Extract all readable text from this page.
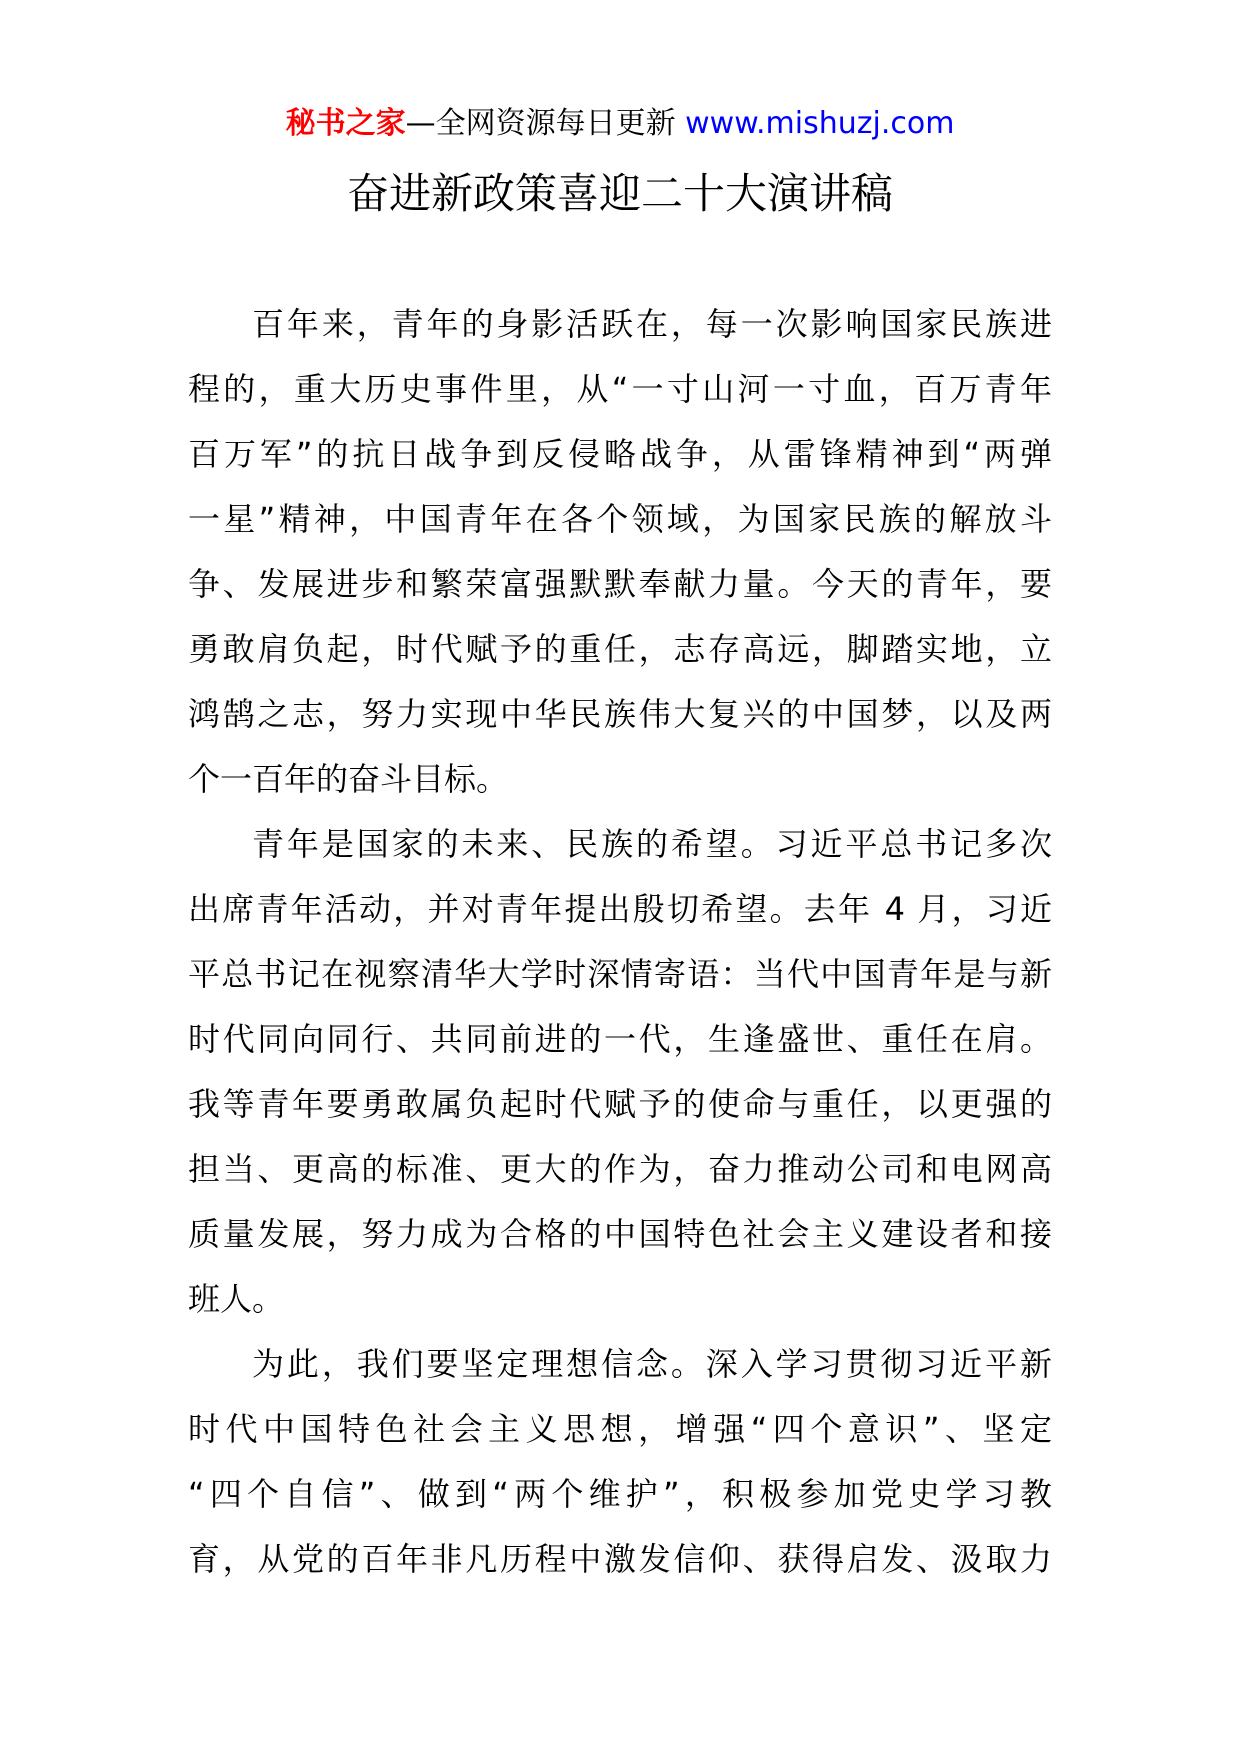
秘书之家—全网资源每日更新 www.mishuzj.com
奋进新政策喜迎二十大演讲稿

百年来，青年的身影活跃在，每一次影响国家民族进
程的，重大历史事件里，从“一寸山河一寸血，百万青年
百万军”的抗日战争到反侵略战争，从雷锋精神到“两弹
一星”精神，中国青年在各个领域，为国家民族的解放斗
争、发展进步和繁荣富强默默奉献力量。今天的青年，要
勇敢肩负起，时代赋予的重任，志存高远，脚踏实地，立
鸿鹄之志，努力实现中华民族伟大复兴的中国梦，以及两
个一百年的奋斗目标。

青年是国家的未来、民族的希望。习近平总书记多次
出席青年活动，并对青年提出殷切希望。去年 4 月，习近
平总书记在视察清华大学时深情寄语：当代中国青年是与新
时代同向同行、共同前进的一代，生逢盛世、重任在肩。
我等青年要勇敢属负起时代赋予的使命与重任，以更强的
担当、更高的标准、更大的作为，奋力推动公司和电网高
质量发展，努力成为合格的中国特色社会主义建设者和接
班人。

为此，我们要坚定理想信念。深入学习贯彻习近平新
时代中国特色社会主义思想，增强“四个意识”、坚定
“四个自信”、做到“两个维护”，积极参加党史学习教
育，从党的百年非凡历程中激发信仰、获得启发、汲取力
